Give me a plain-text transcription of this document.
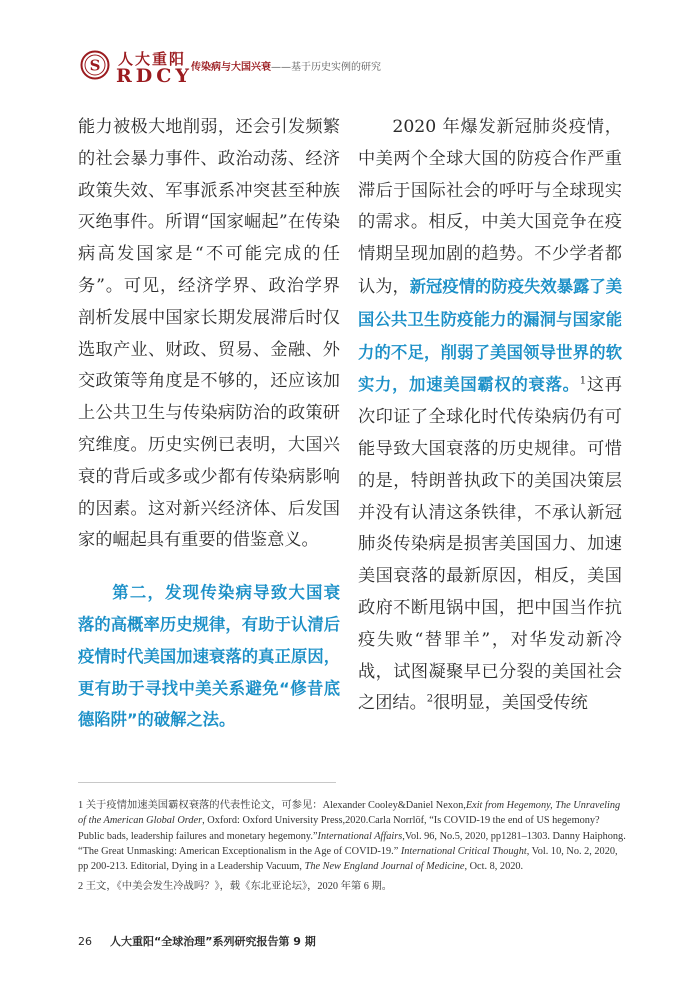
S 人大重阳
RDCY
传染病与大国兴衰——基于历史实例的研究

能力被极大地削弱，还会引发频繁的社会暴力事件、政治动荡、经济政策失效、军事派系冲突甚至种族灭绝事件。所谓“国家崛起”在传染病高发国家是“不可能完成的任务”。可见，经济学界、政治学界剖析发展中国家长期发展滞后时仅选取产业、财政、贸易、金融、外交政策等角度是不够的，还应该加上公共卫生与传染病防治的政策研究维度。历史实例已表明，大国兴衰的背后或多或少都有传染病影响的因素。这对新兴经济体、后发国家的崛起具有重要的借鉴意义。

第二，发现传染病导致大国衰落的高概率历史规律，有助于认清后疫情时代美国加速衰落的真正原因，更有助于寻找中美关系避免“修昔底德陷阱”的破解之法。

2020 年爆发新冠肺炎疫情，中美两个全球大国的防疫合作严重滞后于国际社会的呼吁与全球现实的需求。相反，中美大国竞争在疫情期呈现加剧的趋势。不少学者都认为，新冠疫情的防疫失效暴露了美国公共卫生防疫能力的漏洞与国家能力的不足，削弱了美国领导世界的软实力，加速美国霸权的衰落。$^1$这再次印证了全球化时代传染病仍有可能导致大国衰落的历史规律。可惜的是，特朗普执政下的美国决策层并没有认清这条铁律，不承认新冠肺炎传染病是损害美国国力、加速美国衰落的最新原因，相反，美国政府不断甩锅中国，把中国当作抗疫失败“替罪羊”，对华发动新冷战，试图凝聚早已分裂的美国社会之团结。$^2$很明显，美国受传统

1 关于疫情加速美国霸权衰落的代表性论文，可参见：Alexander Cooley&Daniel Nexon,Exit from Hegemony, The Unraveling of the American Global Order, Oxford: Oxford University Press,2020.Carla Norrlöf, “Is COVID-19 the end of US hegemony? Public bads, leadership failures and monetary hegemony.”International Affairs,Vol. 96, No.5, 2020, pp1281–1303. Danny Haiphong. “The Great Unmasking: American Exceptionalism in the Age of COVID-19.” International Critical Thought, Vol. 10, No. 2, 2020, pp 200-213. Editorial, Dying in a Leadership Vacuum, The New England Journal of Medicine, Oct. 8, 2020.

2 王文，《中美会发生冷战吗？》，载《东北亚论坛》，2020 年第 6 期。

26 人大重阳“全球治理”系列研究报告第 9 期
